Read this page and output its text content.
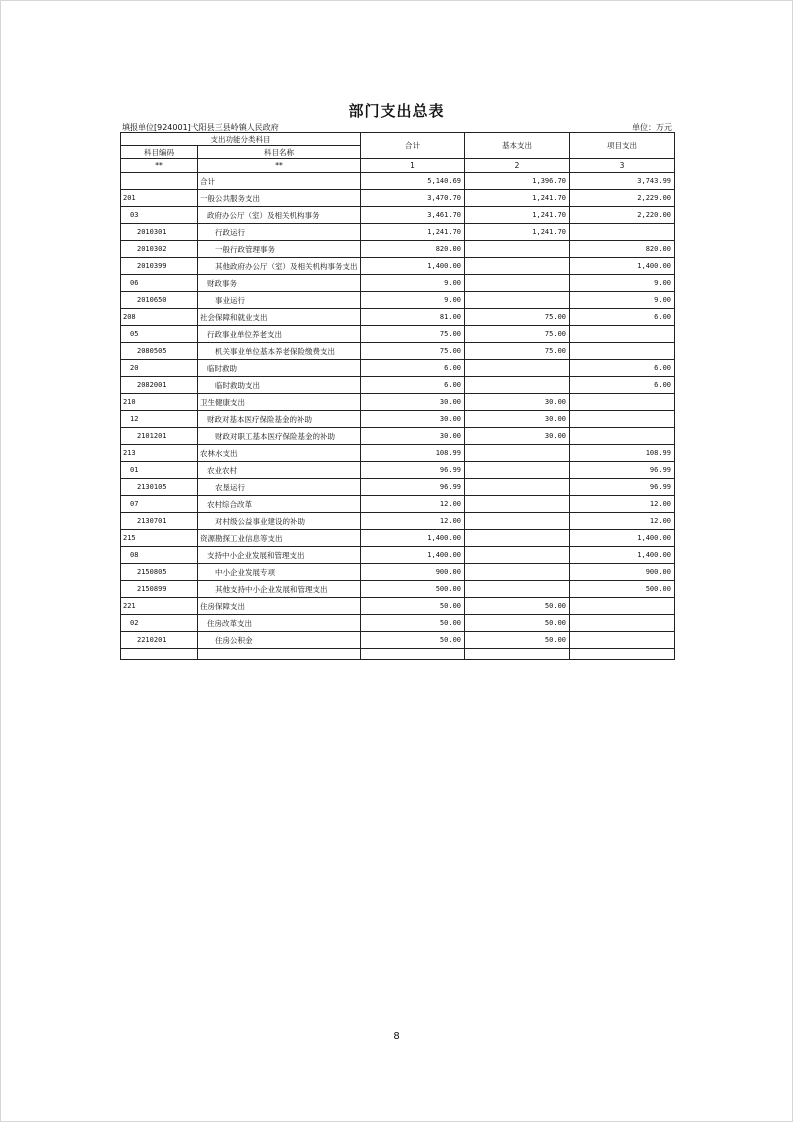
部门支出总表
填报单位[924001]弋阳县三县岭镇人民政府	单位：万元
支出功能分类科目		合计	基本支出	项目支出
科目编码	科目名称			
**	**	1	2	3
	合计	5,140.69	1,396.70	3,743.99
201	一般公共服务支出	3,470.70	1,241.70	2,229.00
03	政府办公厅（室）及相关机构事务	3,461.70	1,241.70	2,220.00
2010301	行政运行	1,241.70	1,241.70	
2010302	一般行政管理事务	820.00		820.00
2010399	其他政府办公厅（室）及相关机构事务支出	1,400.00		1,400.00
06	财政事务	9.00		9.00
2010650	事业运行	9.00		9.00
208	社会保障和就业支出	81.00	75.00	6.00
05	行政事业单位养老支出	75.00	75.00	
2080505	机关事业单位基本养老保险缴费支出	75.00	75.00	
20	临时救助	6.00		6.00
2082001	临时救助支出	6.00		6.00
210	卫生健康支出	30.00	30.00	
12	财政对基本医疗保险基金的补助	30.00	30.00	
2101201	财政对职工基本医疗保险基金的补助	30.00	30.00	
213	农林水支出	108.99		108.99
01	农业农村	96.99		96.99
2130105	农垦运行	96.99		96.99
07	农村综合改革	12.00		12.00
2130701	对村级公益事业建设的补助	12.00		12.00
215	资源勘探工业信息等支出	1,400.00		1,400.00
08	支持中小企业发展和管理支出	1,400.00		1,400.00
2150805	中小企业发展专项	900.00		900.00
2150899	其他支持中小企业发展和管理支出	500.00		500.00
221	住房保障支出	50.00	50.00	
02	住房改革支出	50.00	50.00	
2210201	住房公积金	50.00	50.00	

8
